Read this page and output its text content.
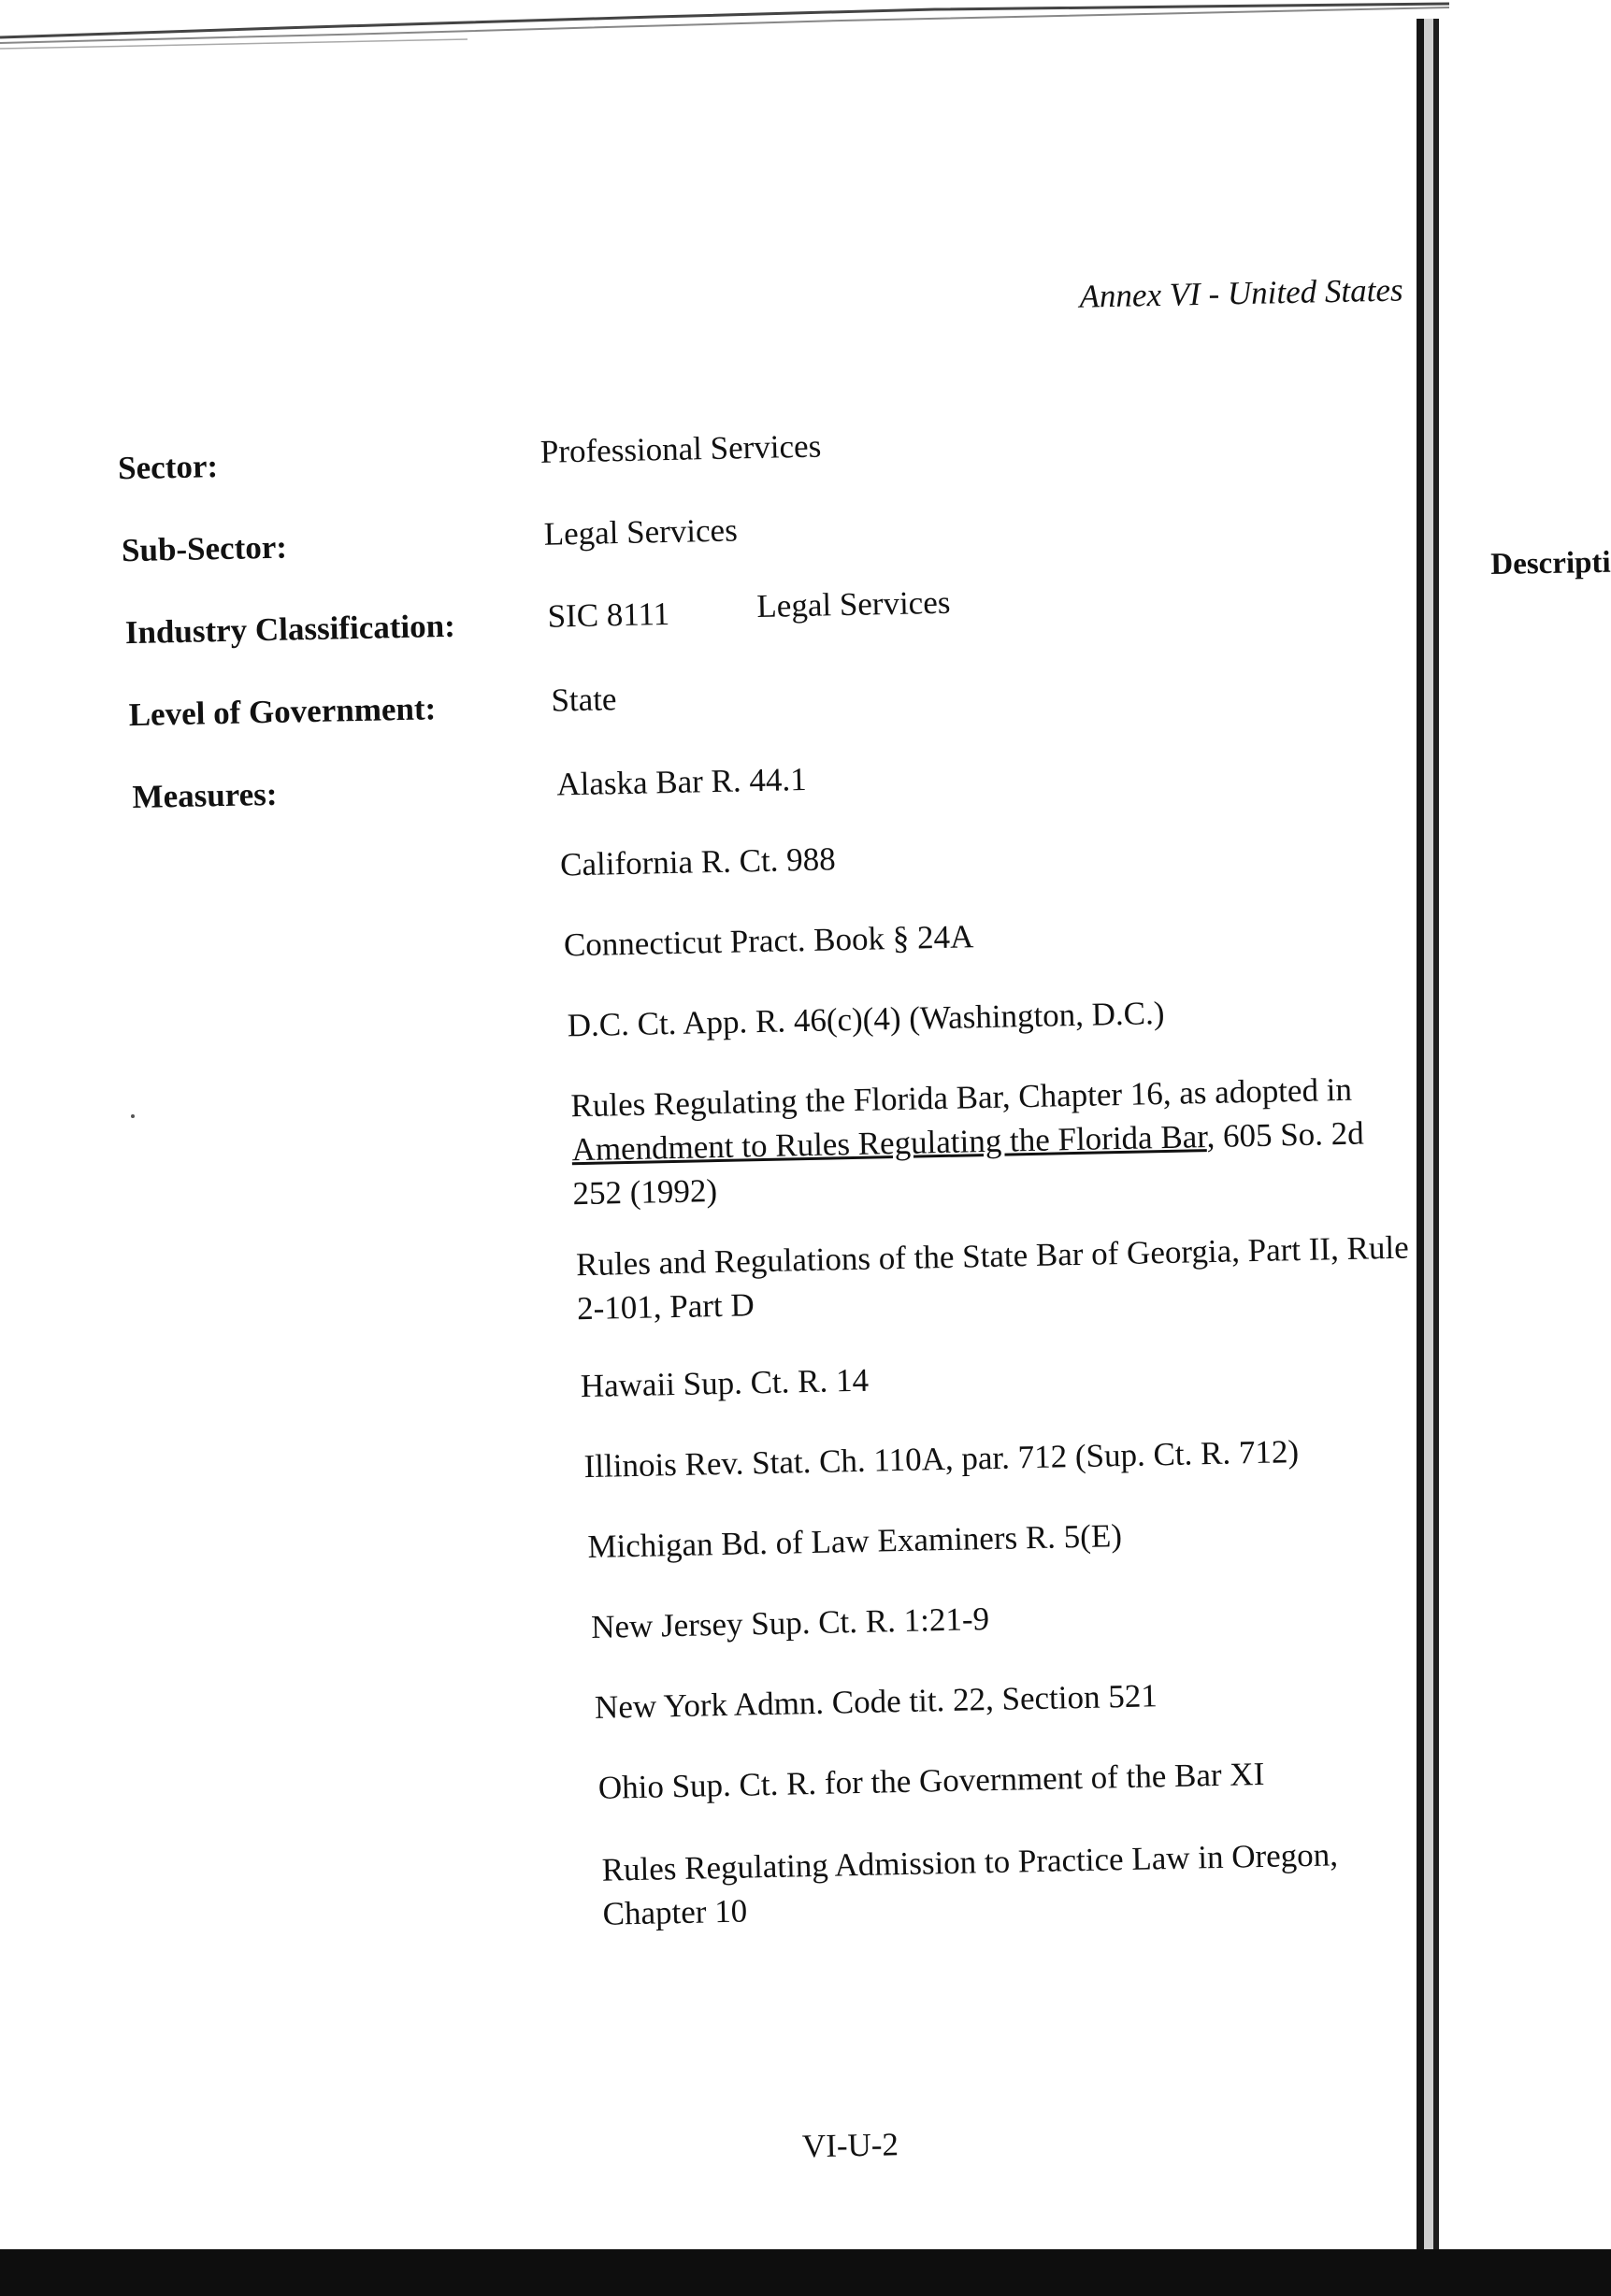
Descripti
Annex VI - United States
Sector:	Professional Services
Sub-Sector:	Legal Services
Industry Classification:	SIC 8111	Legal Services
Level of Government:	State
Measures:	Alaska Bar R. 44.1
California R. Ct. 988
Connecticut Pract. Book § 24A
D.C. Ct. App. R. 46(c)(4) (Washington, D.C.)
Rules Regulating the Florida Bar, Chapter 16, as adopted in Amendment to Rules Regulating the Florida Bar, 605 So. 2d 252 (1992)
Rules and Regulations of the State Bar of Georgia, Part II, Rule 2-101, Part D
Hawaii Sup. Ct. R. 14
Illinois Rev. Stat. Ch. 110A, par. 712 (Sup. Ct. R. 712)
Michigan Bd. of Law Examiners R. 5(E)
New Jersey Sup. Ct. R. 1:21-9
New York Admn. Code tit. 22, Section 521
Ohio Sup. Ct. R. for the Government of the Bar XI
Rules Regulating Admission to Practice Law in Oregon, Chapter 10
VI-U-2
